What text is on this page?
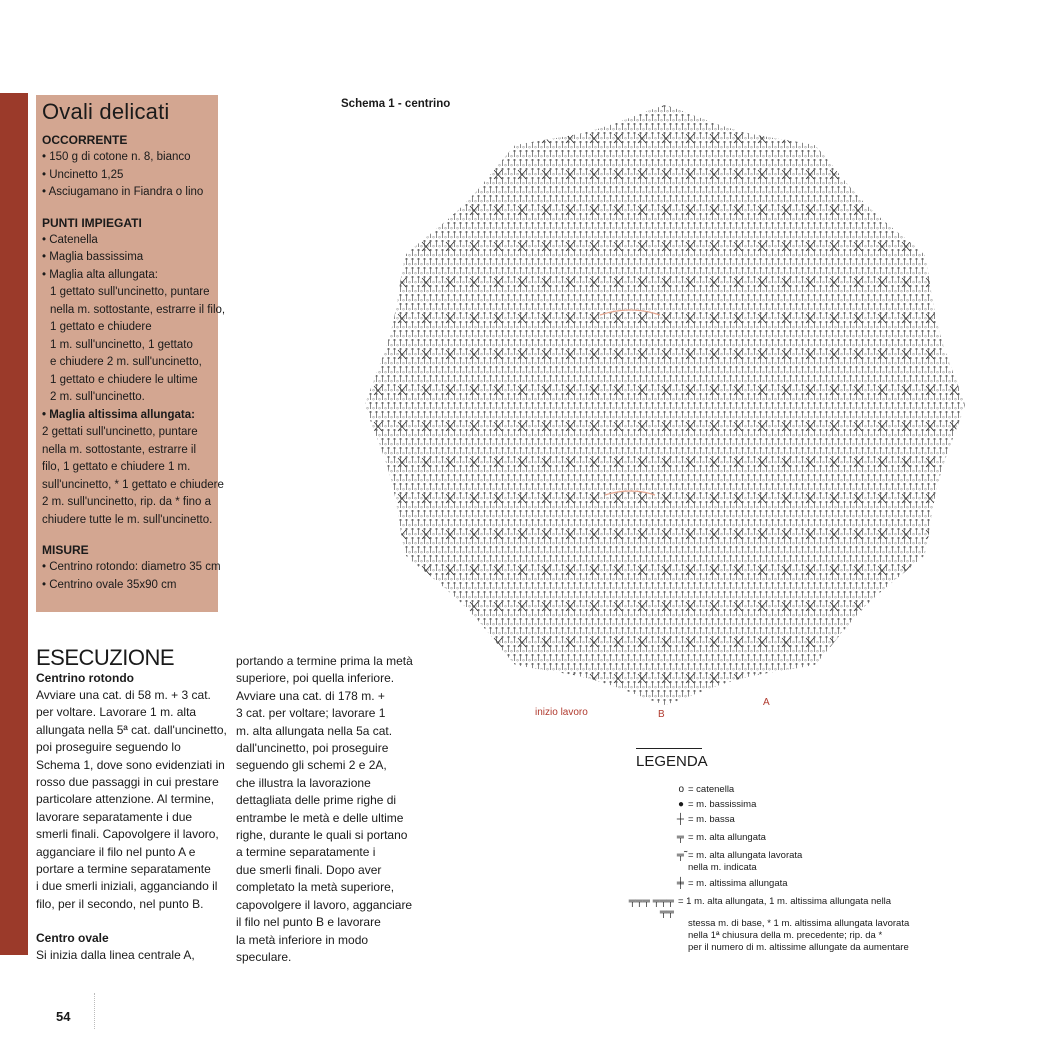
Ovali delicati
OCCORRENTE
• 150 g di cotone n. 8, bianco
• Uncinetto 1,25
• Asciugamano in Fiandra o lino
PUNTI IMPIEGATI
• Catenella
• Maglia bassissima
• Maglia alta allungata:
1 gettato sull'uncinetto, puntare
nella m. sottostante, estrarre il filo,
1 gettato e chiudere
1 m. sull'uncinetto, 1 gettato
e chiudere 2 m. sull'uncinetto,
1 gettato e chiudere le ultime
2 m. sull'uncinetto.
• Maglia altissima allungata:
2 gettati sull'uncinetto, puntare
nella m. sottostante, estrarre il
filo, 1 gettato e chiudere 1 m.
sull'uncinetto, * 1 gettato e chiudere
2 m. sull'uncinetto, rip. da * fino a
chiudere tutte le m. sull'uncinetto.
MISURE
• Centrino rotondo: diametro 35 cm
• Centrino ovale 35x90 cm
ESECUZIONE
Centrino rotondo
Avviare una cat. di 58 m. + 3 cat.
per voltare. Lavorare 1 m. alta
allungata nella 5ª cat. dall'uncinetto,
poi proseguire seguendo lo
Schema 1, dove sono evidenziati in
rosso due passaggi in cui prestare
particolare attenzione. Al termine,
lavorare separatamente i due
smerli finali. Capovolgere il lavoro,
agganciare il filo nel punto A e
portare a termine separatamente
i due smerli iniziali, agganciando il
filo, per il secondo, nel punto B.
Centro ovale
Si inizia dalla linea centrale A,
portando a termine prima la metà
superiore, poi quella inferiore.
Avviare una cat. di 178 m. +
3 cat. per voltare; lavorare 1
m. alta allungata nella 5a cat.
dall'uncinetto, poi proseguire
seguendo gli schemi 2 e 2A,
che illustra la lavorazione
dettagliata delle prime righe di
entrambe le metà e delle ultime
righe, durante le quali si portano
a termine separatamente i
due smerli finali. Dopo aver
completato la metà superiore,
capovolgere il lavoro, agganciare
il filo nel punto B e lavorare
la metà inferiore in modo
speculare.
54
Schema 1 - centrino
inizio lavoro	B
A
LEGENDA
o = catenella
● = m. bassissima
┼ = m. bassa
╤ = m. alta allungata
╤̃ = m. alta allungata lavorata
nella m. indicata
╪ = m. altissima allungata
╤╤╤ ╤╤╤ ╤╤
= 1 m. alta allungata, 1 m. altissima allungata nella
stessa m. di base, * 1 m. altissima allungata lavorata
nella 1ª chiusura della m. precedente; rip. da *
per il numero di m. altissime allungate da aumentare
